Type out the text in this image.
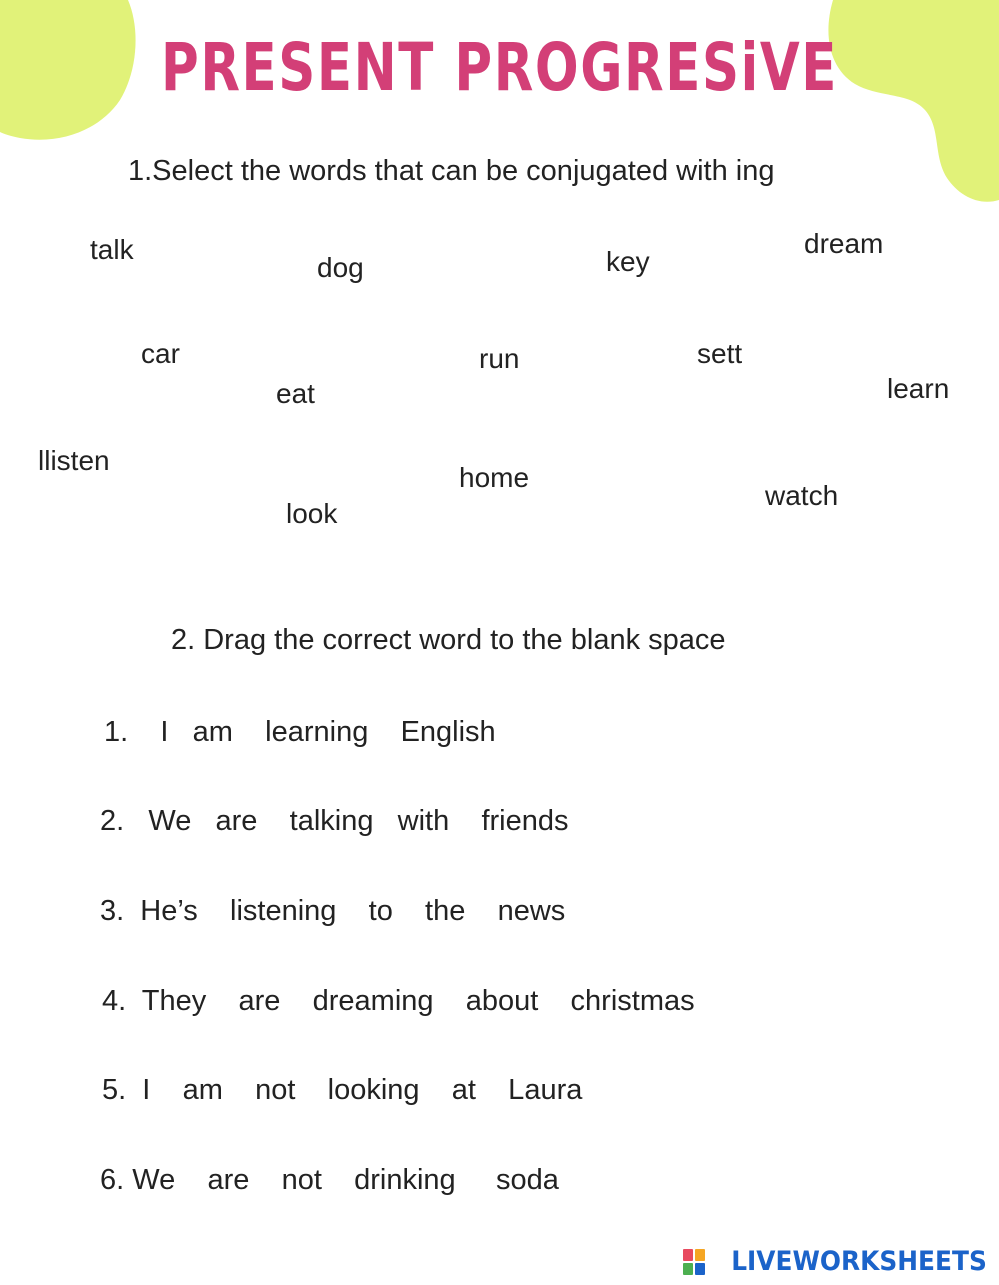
PRESENT PROGRESiVE
1.Select the words that can be conjugated with ing
talk
dog	key
dream
car	run	sett
eat	learn
llisten
home
look
watch
2. Drag the correct word to the blank space
1.    I   am    learning    English
2.   We   are    talking   with    friends
3.  He’s    listening    to    the    news
4.  They    are    dreaming    about    christmas
5.  I    am    not    looking    at    Laura
6. We    are    not    drinking     soda
LIVEWORKSHEETS
